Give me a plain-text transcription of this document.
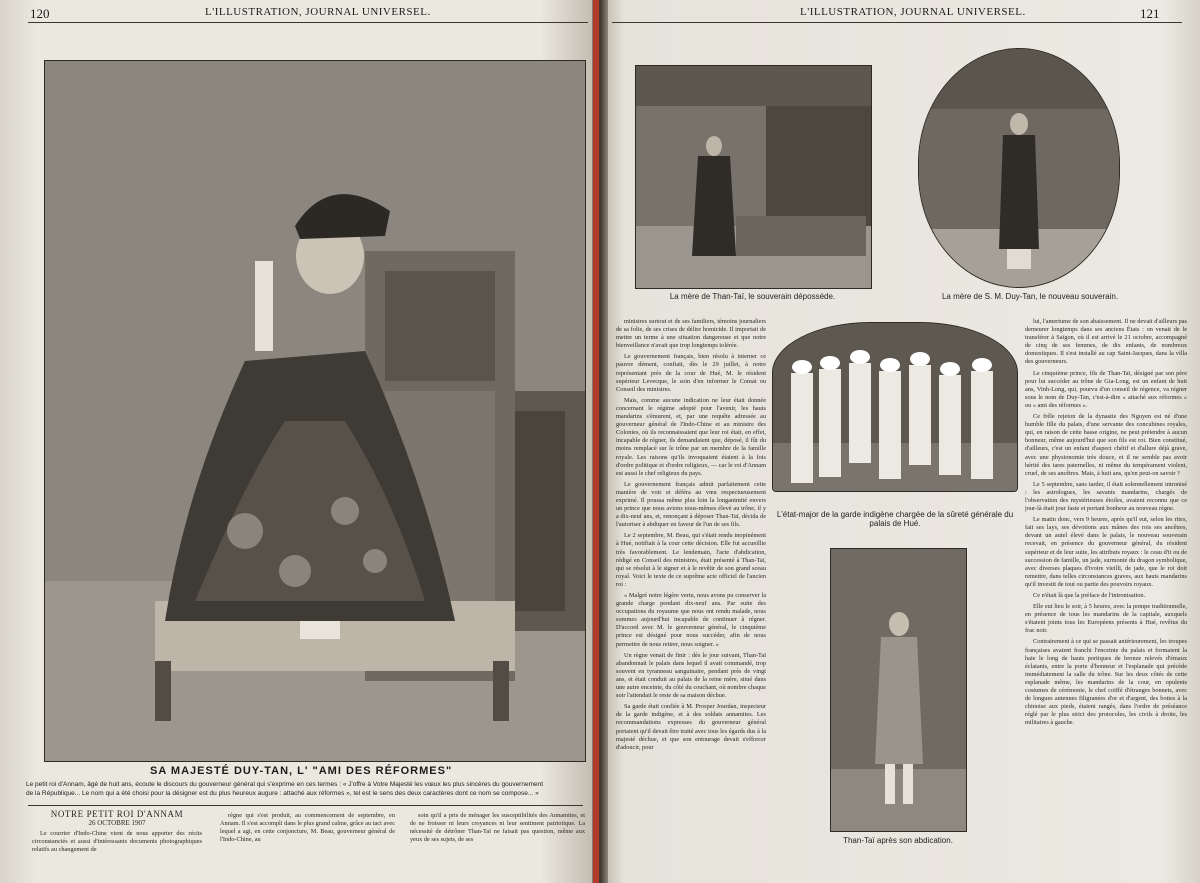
120	L'ILLUSTRATION, JOURNAL UNIVERSEL.
SA MAJESTÉ DUY-TAN, L' "AMI DES RÉFORMES"
Le petit roi d'Annam, âgé de huit ans, écoute le discours du gouverneur général qui s'exprime en ces termes : « J'offre à Votre Majesté les vœux les plus sincères du gouvernement
de la République... Le nom qui a été choisi pour la désigner est du plus heureux augure : attaché aux réformes », tel est le sens des deux caractères dont ce nom se compose... »
NOTRE PETIT ROI D'ANNAM
26 OCTOBRE 1907

Le courrier d'Indo-Chine vient de nous apporter des récits circonstanciés et aussi d'intéressants documents photographiques relatifs au changement de

règne qui s'est produit, au commencement de septembre, en Annam. Il s'est accompli dans le plus grand calme, grâce au tact avec lequel a agi, en cette conjoncture, M. Beau, gouverneur général de l'Indo-Chine, au

soin qu'il a pris de ménager les susceptibilités des Annamites, et de ne froisser ni leurs croyances ni leur sentiment patriotique. La nécessité de détrôner Than-Taï ne faisait pas question, même aux yeux de ses sujets, de ses

L'ILLUSTRATION, JOURNAL UNIVERSEL.	121
La mère de Than-Taï, le souverain déposséde.	La mère de S. M. Duy-Tan, le nouveau souverain.
L'état-major de la garde indigène chargée de la sûreté générale du palais de Hué.
Than-Taï après son abdication.

ministres surtout et de ses familiers, témoins journaliers de sa folie, de ses crises de délire homicide. Il importait de mettre un terme à une situation dangereuse et que notre bienveillance n'avait que trop longtemps tolérée.

Le gouvernement français, bien résolu à interner ce pauvre dément, confiait, dès le 29 juillet, à notre représentant près de la cour de Hué, M. le résident supérieur Levecque, le soin d'en informer le Comat ou Conseil des ministres.

Mais, comme aucune indication ne leur était donnée concernant le régime adopté pour l'avenir, les hauts mandarins s'émurent, et, par une requête adressée au gouverneur général de l'Indo-Chine et au ministre des Colonies, où ils reconnaissaient que leur roi était, en effet, incapable de régner, ils demandaient que, déposé, il fût du moins remplacé sur le trône par un membre de la famille royale. Les raisons qu'ils invoquaient étaient à la fois d'ordre politique et d'ordre religieux, — car le roi d'Annam est aussi le chef religieux du pays.

Le gouvernement français admit parfaitement cette manière de voir et déféra au vœu respectueusement exprimé. Il poussa même plus loin la longanimité envers un prince que nous avions nous-mêmes élevé au trône, il y a dix-neuf ans, et, renonçant à déposer Than-Taï, décida de l'autoriser à abdiquer en faveur de l'un de ses fils.

Le 2 septembre, M. Beau, qui s'était rendu inopinément à Hué, notifiait à la cour cette décision. Elle fut accueillie très favorablement. Le lendemain, l'acte d'abdication, rédigé en Conseil des ministres, était présenté à Than-Taï, qui se résolut à le signer et à le revêtir de son grand sceau royal. Voici le texte de ce suprême acte officiel de l'ancien roi :

« Malgré notre légère vertu, nous avons pu conserver la grande charge pendant dix-neuf ans. Par suite des occupations du royaume que nous ont rendu malade, nous sommes aujourd'hui incapable de continuer à régner. D'accord avec M. le gouverneur général, le cinquième prince est désigné pour nous succéder, afin de nous permettre de nous retirer, nous soigner. »

Un règne venait de finir : dès le jour suivant, Than-Taï abandonnait le palais dans lequel il avait commandé, trop souvent en tyranneau sanguinaire, pendant près de vingt ans, et était conduit au palais de la reine mère, situé dans une autre enceinte, du côté du couchant, où nombre chaque soir l'attendait le reste de sa maison déchue.

Sa garde était confiée à M. Prosper Jourdan, inspecteur de la garde indigène, et à des soldats annamites. Les recommandations expresses du gouverneur général portaient qu'il devait être traité avec tous les égards dus à la majesté déchue, et que son entourage devait s'efforcer d'adoucir, pour

lui, l'amertume de son abaissement. Il ne devait d'ailleurs pas demeurer longtemps dans ses anciens États : on venait de le transférer à Saïgon, où il est arrivé le 21 octobre, accompagné de cinq de ses femmes, de dix enfants, de nombreux domestiques. Il s'est installé au cap Saint-Jacques, dans la villa des gouverneurs.

Le cinquième prince, fils de Than-Taï, désigné par son père pour lui succéder au trône de Gia-Long, est un enfant de huit ans, Vinh-Long, qui, pourvu d'un conseil de régence, va régner sous le nom de Duy-Tan, c'est-à-dire « attaché aux réformes » ou « ami des réformes ».

Ce frêle rejeton de la dynastie des Nguyen est né d'une humble fille du palais, d'une servante des concubines royales, qui, en raison de cette basse origine, ne peut prétendre à aucun honneur, même aujourd'hui que son fils est roi. Bien constitué, d'ailleurs, c'est un enfant d'aspect chétif et d'allure déjà grave, avec une physionomie très douce, et il ne semble pas avoir hérité des tares paternelles, ni même du tempérament violent, cruel, de ses ancêtres. Mais, à huit ans, qu'en peut-on savoir ?

Le 5 septembre, sans tarder, il était solennellement intronisé : les astrologues, les savants mandarins, chargés de l'observation des mystérieuses étoiles, avaient reconnu que ce jour-là était jour faste et portant bonheur au nouveau règne.

Le matin donc, vers 9 heures, après qu'il eut, selon les rites, fait ses lays, ses dévotions aux mânes des rois ses ancêtres, devant un autel élevé dans le palais, le nouveau souverain recevait, en présence du gouverneur général, du résident supérieur et de leur suite, les attributs royaux : le ceau d'it ou de succession de famille, un jade, surmonté du dragon symbolique, avec diverses plaques d'ivoire vieilli, de jade, que le roi doit remettre, dans telles circonstances graves, aux hauts mandarins qu'il investit de tout ou partie des pouvoirs royaux.

Ce n'était là que la préface de l'intronisation.

Elle eut lieu le soir, à 5 heures, avec la pompe traditionnelle, en présence de tous les mandarins de la capitale, auxquels s'étaient joints tous les Européens présents à Hué, revêtus du frac noir.

Contrairement à ce qui se passait antérieurement, les troupes françaises avaient franchi l'enceinte du palais et formaient la haie le long de hauts portiques de bronze relevés d'émaux éclatants, entre la porte d'honneur et l'esplanade qui précède immédiatement la salle du trône. Sur les deux côtés de cette esplanade même, les mandarins de la cour, en opulents costumes de cérémonie, le chef coiffé d'étranges bonnets, avec de longues antennes filigranées d'or et d'argent, des bottes à la chinoise aux pieds, étaient rangés, dans l'ordre de préséance réglé par le plus strict des protocoles, les civils à droite, les militaires à gauche.
